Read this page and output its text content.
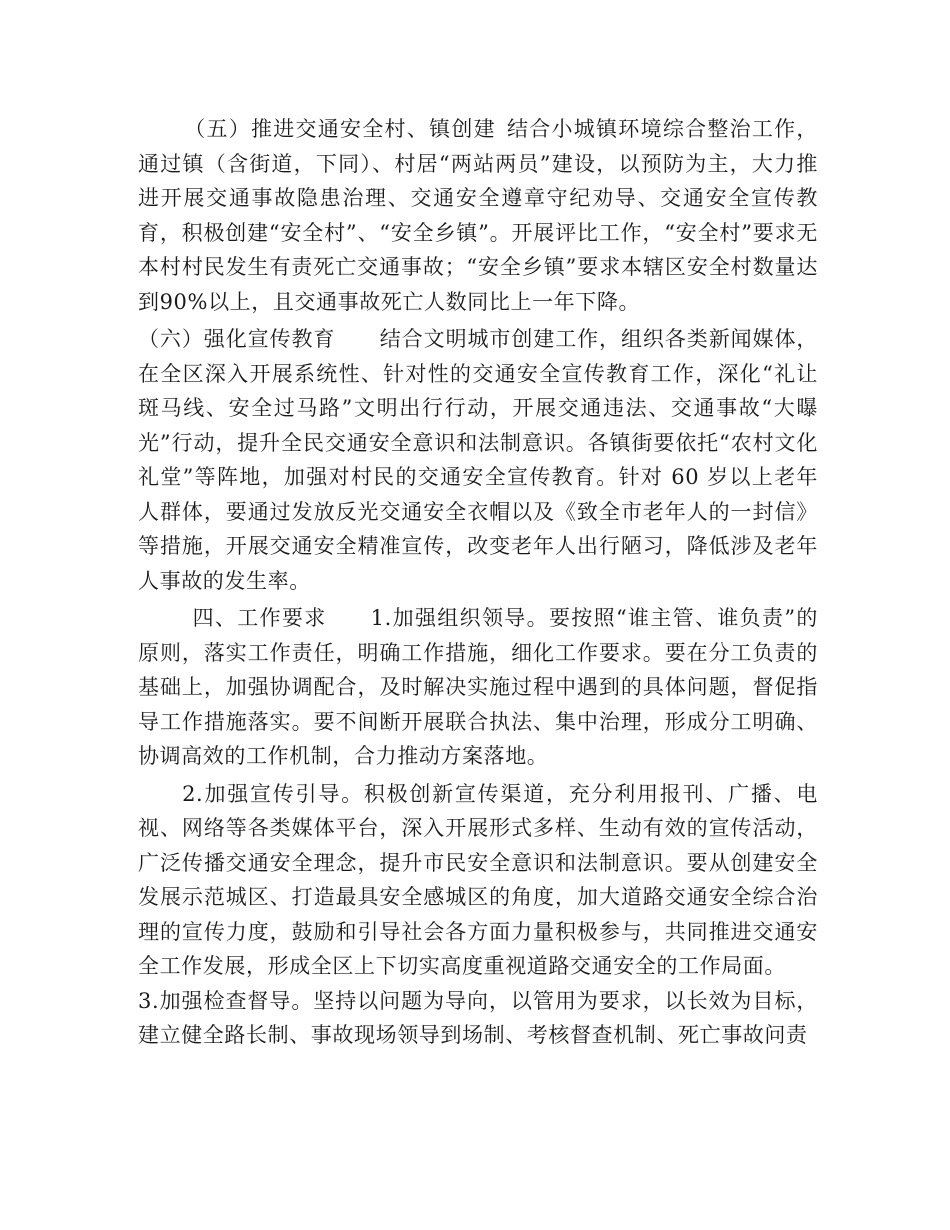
（五）推进交通安全村、镇创建 结合小城镇环境综合整治工作，通过镇（含街道，下同）、村居“两站两员”建设，以预防为主，大力推进开展交通事故隐患治理、交通安全遵章守纪劝导、交通安全宣传教育，积极创建“安全村”、“安全乡镇”。开展评比工作，“安全村”要求无本村村民发生有责死亡交通事故；“安全乡镇”要求本辖区安全村数量达到90%以上，且交通事故死亡人数同比上一年下降。

（六）强化宣传教育 结合文明城市创建工作，组织各类新闻媒体，在全区深入开展系统性、针对性的交通安全宣传教育工作，深化“礼让斑马线、安全过马路”文明出行行动，开展交通违法、交通事故“大曝光”行动，提升全民交通安全意识和法制意识。各镇街要依托“农村文化礼堂”等阵地，加强对村民的交通安全宣传教育。针对 60 岁以上老年人群体，要通过发放反光交通安全衣帽以及《致全市老年人的一封信》等措施，开展交通安全精准宣传，改变老年人出行陋习，降低涉及老年人事故的发生率。

四、工作要求 1.加强组织领导。要按照“谁主管、谁负责”的原则，落实工作责任，明确工作措施，细化工作要求。要在分工负责的基础上，加强协调配合，及时解决实施过程中遇到的具体问题，督促指导工作措施落实。要不间断开展联合执法、集中治理，形成分工明确、协调高效的工作机制，合力推动方案落地。

2.加强宣传引导。积极创新宣传渠道，充分利用报刊、广播、电视、网络等各类媒体平台，深入开展形式多样、生动有效的宣传活动，广泛传播交通安全理念，提升市民安全意识和法制意识。要从创建安全发展示范城区、打造最具安全感城区的角度，加大道路交通安全综合治理的宣传力度，鼓励和引导社会各方面力量积极参与，共同推进交通安全工作发展，形成全区上下切实高度重视道路交通安全的工作局面。

3.加强检查督导。坚持以问题为导向，以管用为要求，以长效为目标，建立健全路长制、事故现场领导到场制、考核督查机制、死亡事故问责
